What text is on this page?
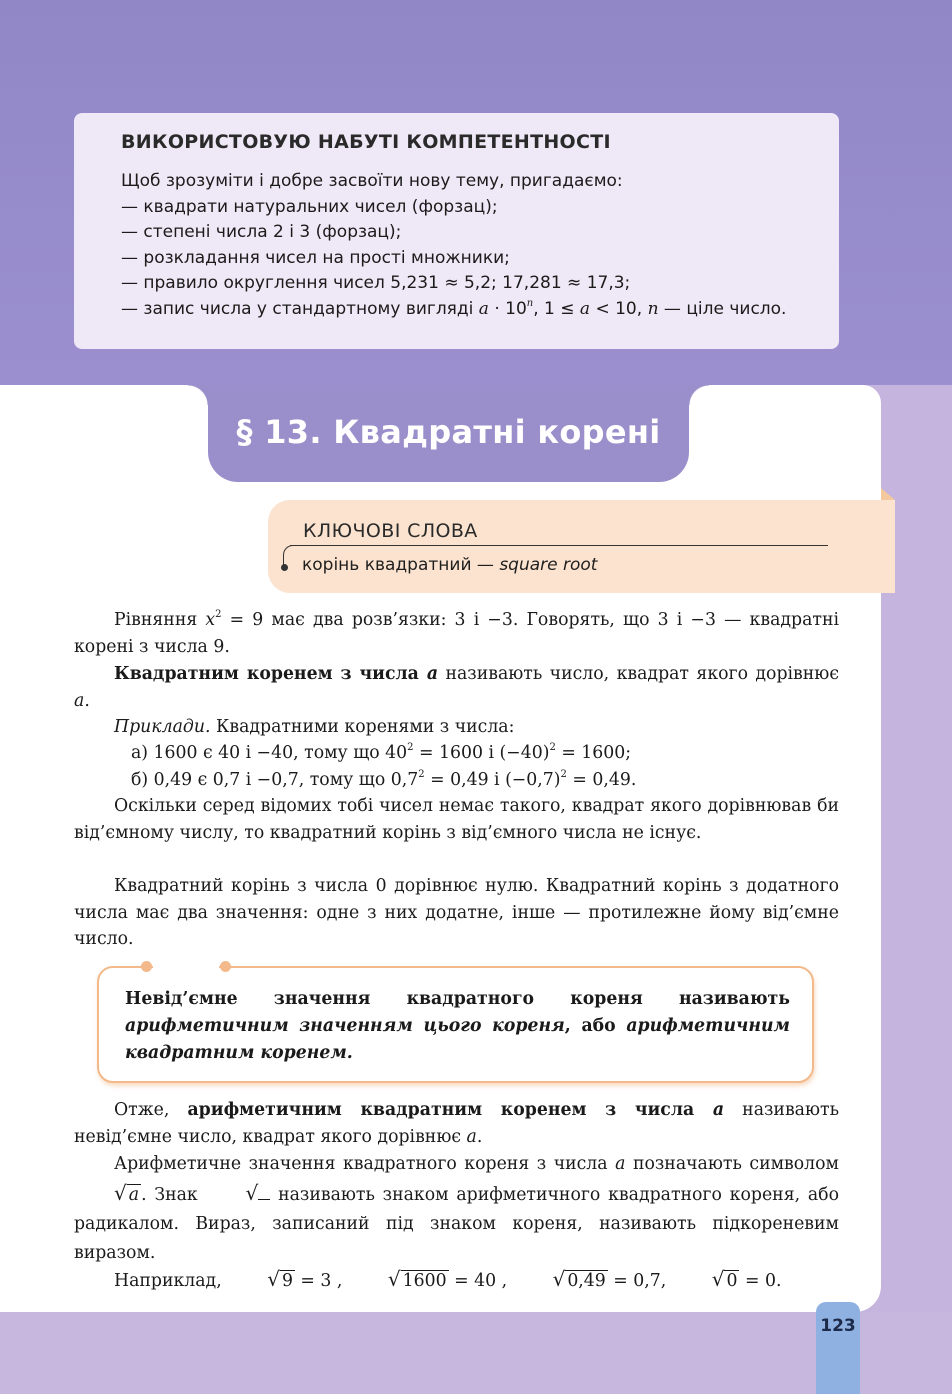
ВИКОРИСТОВУЮ НАБУТІ КОМПЕТЕНТНОСТІ
Щоб зрозуміти і добре засвоїти нову тему, пригадаємо:
— квадрати натуральних чисел (форзац);
— степені числа 2 і 3 (форзац);
— розкладання чисел на прості множники;
— правило округлення чисел 5,231 ≈ 5,2; 17,281 ≈ 17,3;
— запис числа у стандартному вигляді $a \cdot 10^n$, 1 ≤ a < 10, n — ціле число.
§ 13. Квадратні корені
КЛЮЧОВІ СЛОВА
корінь квадратний — square root

Рівняння $x^2 = 9$ має два розв’язки: 3 і −3. Говорять, що 3 і −3 — квадратні корені з числа 9.

Квадратним коренем з числа a називають число, квадрат якого дорівнює a.

Приклади. Квадратними коренями з числа:

а) 1600 є 40 і −40, тому що $40^2 = 1600$ і $(-40)^2 = 1600$;

б) 0,49 є 0,7 і −0,7, тому що $0,7^2 = 0,49$ і $(-0,7)^2 = 0,49$.

Оскільки серед відомих тобі чисел немає такого, квадрат якого дорівнював би від’ємному числу, то квадратний корінь з від’ємного числа не існує.

Квадратний корінь з числа 0 дорівнює нулю. Квадратний корінь з додатного числа має два значення: одне з них додатне, інше — протилежне йому від’ємне число.

Невід’ємне значення квадратного кореня називають арифметичним значенням цього кореня, або арифметичним квадратним коренем.

Отже, арифметичним квадратним коренем з числа a називають невід’ємне число, квадрат якого дорівнює a.

Арифметичне значення квадратного кореня з числа a позначають символом √ a . Знак √ називають знаком арифметичного квадратного кореня, або радикалом. Вираз, записаний під знаком кореня, називають підкореневим виразом.

Наприклад, √ 9 = 3 , √ 1600 = 40 , √ 0,49 = 0,7, √ 0 = 0.

123
